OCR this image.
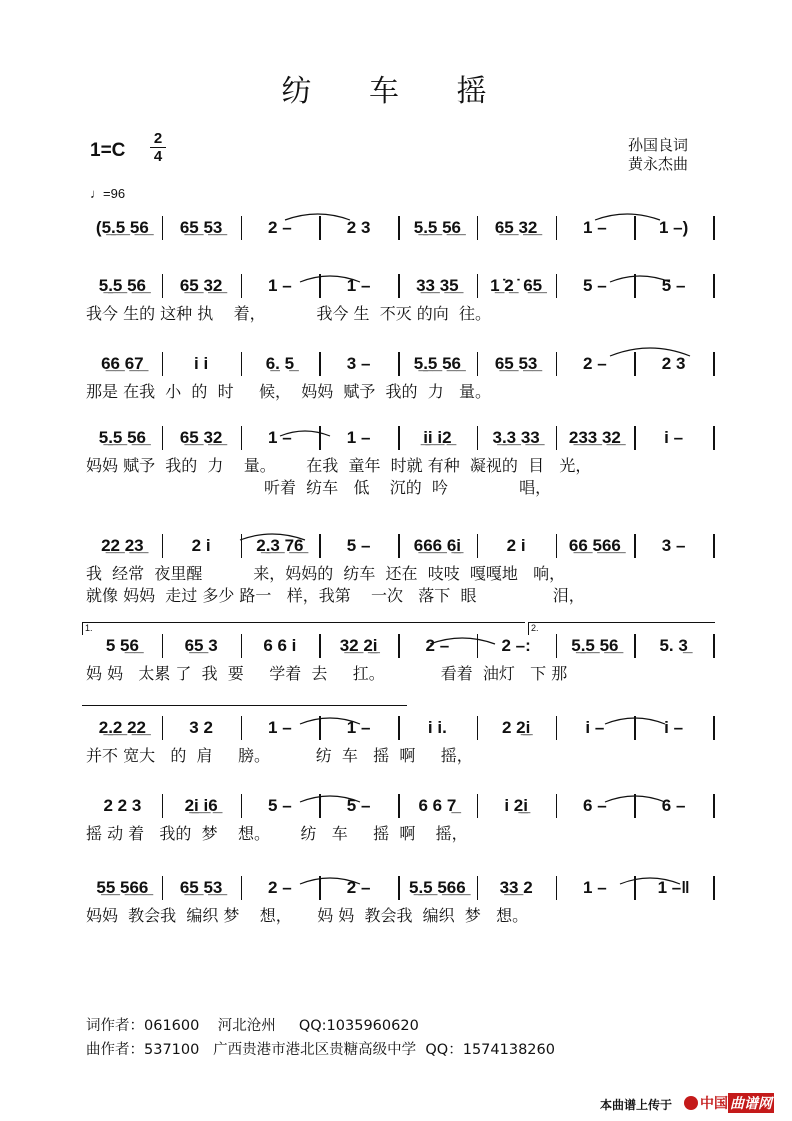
纺 车 摇
1=C
2
4
孙国良词
黄永杰曲
♩=96
(5̲.̲5̲ 5̲6̲	6̲5̲ 5̲3̲	2 –	2 3	5̲.̲5̲ 5̲6̲	6̲5̲ 3̲2̲	1 –	1 –)
5̲.̲5̲ 5̲6̲	6̲5̲ 3̲2̲	1 –	1 –	3̲3̲ 3̲5̲	1̲ ̇2̲ ̇ 6̲5̲	5 –	5 –
我今 生的 这种 执    着，          我今 生  不灭 的向  往。
6̲6̲ 6̲7̲	i i	6̲. 5̲	3 –	5̲.̲5̲ 5̲6̲	6̲5̲ 5̲3̲	2 –	2 3
那是 在我  小  的  时     候，  妈妈  赋予  我的  力   量。
5̲.̲5̲ 5̲6̲	6̲5̲ 3̲2̲	1 –	1 –	i̲i̲ i̲2̲	3̲.̲3̲ 3̲3̲	2̲3̲3̲ 3̲2̲	i –
妈妈 赋予  我的  力    量。      在我  童年  时就 有种  凝视的  目   光，
听着  纺车   低    沉的  吟              唱，
2̲2̲ 2̲3̲	2 i	2̲.̲3̲ 7̲6̲	5 –	6̲6̲6̲ 6̲i̲	2 i	6̲6̲ 5̲6̲6̲	3 –
我  经常  夜里醒          来，妈妈的  纺车  还在  吱吱  嘎嘎地   响，
就像 妈妈  走过 多少 路一   样，我第    一次   落下  眼               泪，
5 5̲6̲	6̲5̲ 3	6 6 i	3̲2̲ 2̲i̲	2 –	2 –:	5̲.̲5̲ 5̲6̲	5. 3̲
妈 妈   太累 了  我  要     学着  去     扛。           看着  油灯   下 那
2̲.̲2̲ 2̲2̲	3 2	1 –	1 –	i i.	2 2̲i̲	i –	i –
并不 宽大   的  肩     膀。         纺  车   摇  啊     摇，
2 2 3	2̲i̲ i̲6̲	5 –	5 –	6 6 7̲	i 2̲i̲	6 –	6 –
摇 动 着   我的  梦    想。      纺   车     摇  啊    摇，
5̲5̲ 5̲6̲6̲	6̲5̲ 5̲3̲	2 –	2 –	5̲.̲5̲ 5̲6̲6̲	3̲3̲ 2	1 –	1 –‖
妈妈  教会我  编织 梦    想，     妈 妈  教会我  编织  梦   想。
1.	2.
词作者：061600    河北沧州     QQ:1035960620
曲作者：537100   广西贵港市港北区贵糖高级中学  QQ：1574138260
本曲谱上传于	中国 曲谱网
